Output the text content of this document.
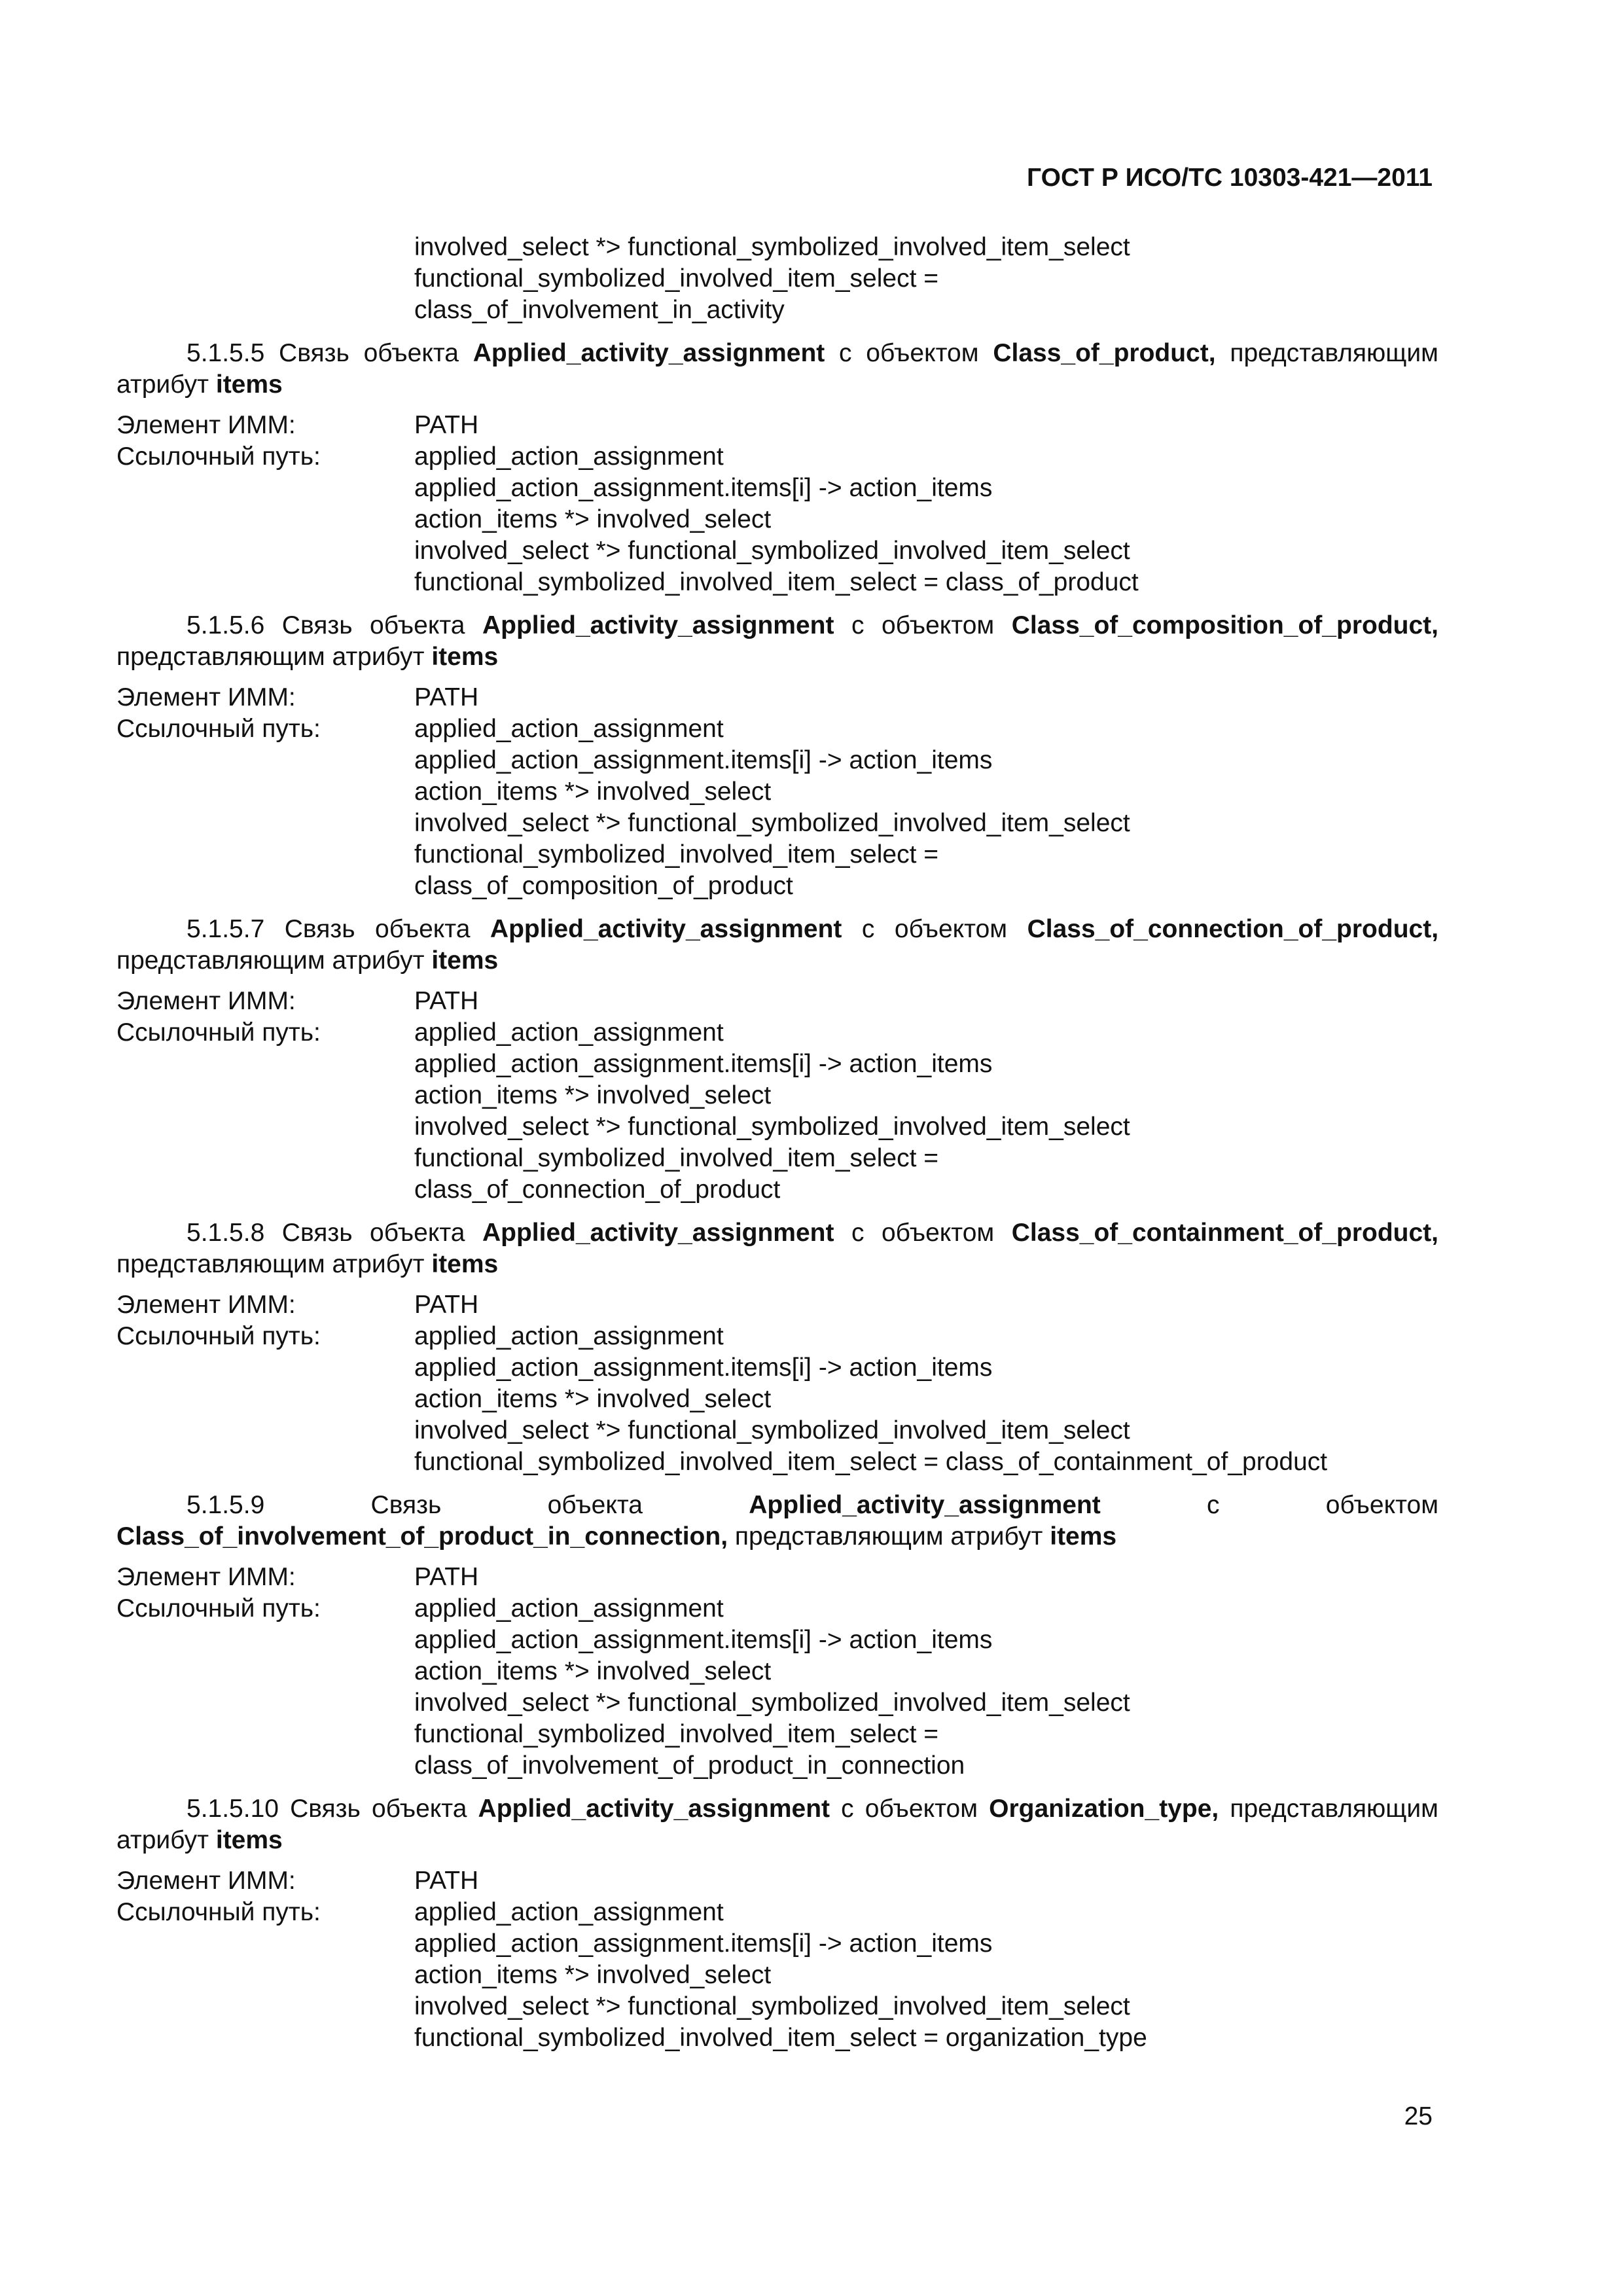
ГОСТ Р ИСО/ТС 10303-421—2011
involved_select *> functional_symbolized_involved_item_select
functional_symbolized_involved_item_select =
class_of_involvement_in_activity
5.1.5.5 Связь объекта Applied_activity_assignment с объектом Class_of_product, представляющим атрибут items
Элемент ИММ:	PATH
Ссылочный путь:	applied_action_assignment
applied_action_assignment.items[i] -> action_items
action_items *> involved_select
involved_select *> functional_symbolized_involved_item_select
functional_symbolized_involved_item_select = class_of_product
5.1.5.6 Связь объекта Applied_activity_assignment с объектом Class_of_composition_of_product, представляющим атрибут items
Элемент ИММ:	PATH
Ссылочный путь:	applied_action_assignment
applied_action_assignment.items[i] -> action_items
action_items *> involved_select
involved_select *> functional_symbolized_involved_item_select
functional_symbolized_involved_item_select =
class_of_composition_of_product
5.1.5.7 Связь объекта Applied_activity_assignment с объектом Class_of_connection_of_product, представляющим атрибут items
Элемент ИММ:	PATH
Ссылочный путь:	applied_action_assignment
applied_action_assignment.items[i] -> action_items
action_items *> involved_select
involved_select *> functional_symbolized_involved_item_select
functional_symbolized_involved_item_select =
class_of_connection_of_product
5.1.5.8 Связь объекта Applied_activity_assignment с объектом Class_of_containment_of_product, представляющим атрибут items
Элемент ИММ:	PATH
Ссылочный путь:	applied_action_assignment
applied_action_assignment.items[i] -> action_items
action_items *> involved_select
involved_select *> functional_symbolized_involved_item_select
functional_symbolized_involved_item_select = class_of_containment_of_product
5.1.5.9	Связь объекта	Applied_activity_assignment	с объектом Class_of_involvement_of_product_in_connection, представляющим атрибут items
Элемент ИММ:	PATH
Ссылочный путь:	applied_action_assignment
applied_action_assignment.items[i] -> action_items
action_items *> involved_select
involved_select *> functional_symbolized_involved_item_select
functional_symbolized_involved_item_select =
class_of_involvement_of_product_in_connection
5.1.5.10 Связь объекта Applied_activity_assignment с объектом Organization_type, представляющим атрибут items
Элемент ИММ:	PATH
Ссылочный путь:	applied_action_assignment
applied_action_assignment.items[i] -> action_items
action_items *> involved_select
involved_select *> functional_symbolized_involved_item_select
functional_symbolized_involved_item_select = organization_type
25
